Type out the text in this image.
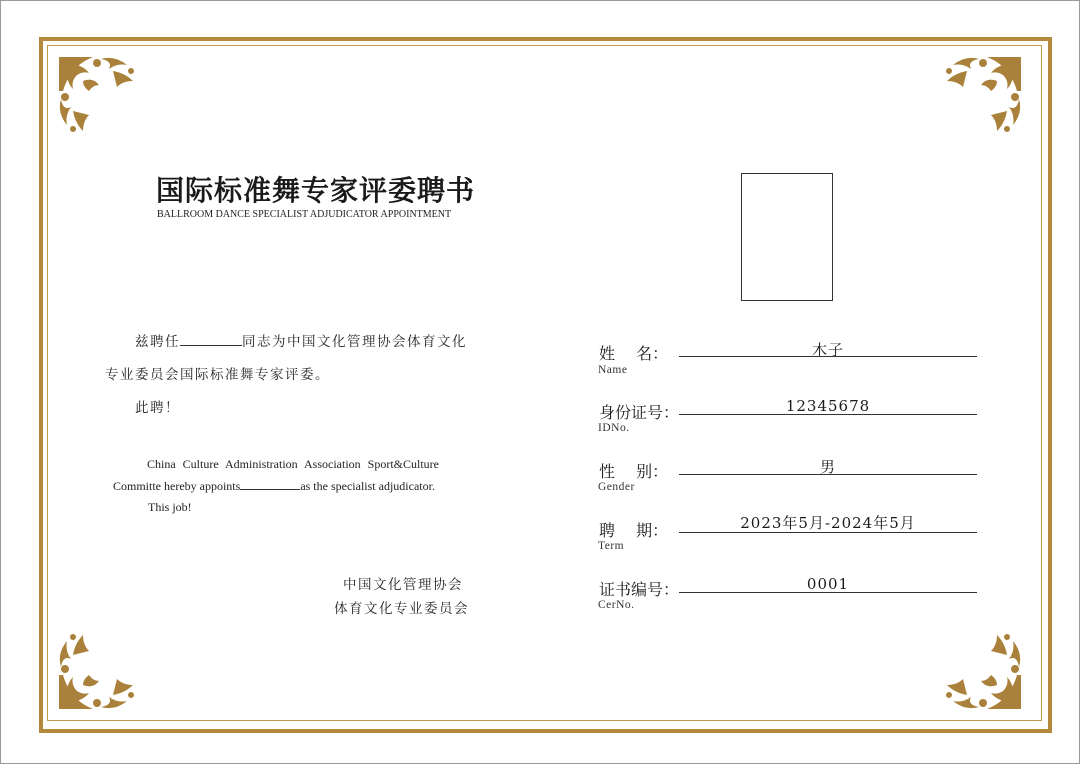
国际标准舞专家评委聘书
BALLROOM DANCE SPECIALIST ADJUDICATOR APPOINTMENT
兹聘任	同志为中国文化管理协会体育文化
专业委员会国际标准舞专家评委。
此聘！
China Culture Administration Association Sport&Culture
Committe hereby appoints	as the specialist adjudicator.
This job!
中国文化管理协会
体育文化专业委员会
姓　 名：	木子
Name
身份证号：	12345678
IDNo.
性　 别：	男
Gender
聘　 期：	2023年5月-2024年5月
Term
证书编号：	0001
CerNo.
